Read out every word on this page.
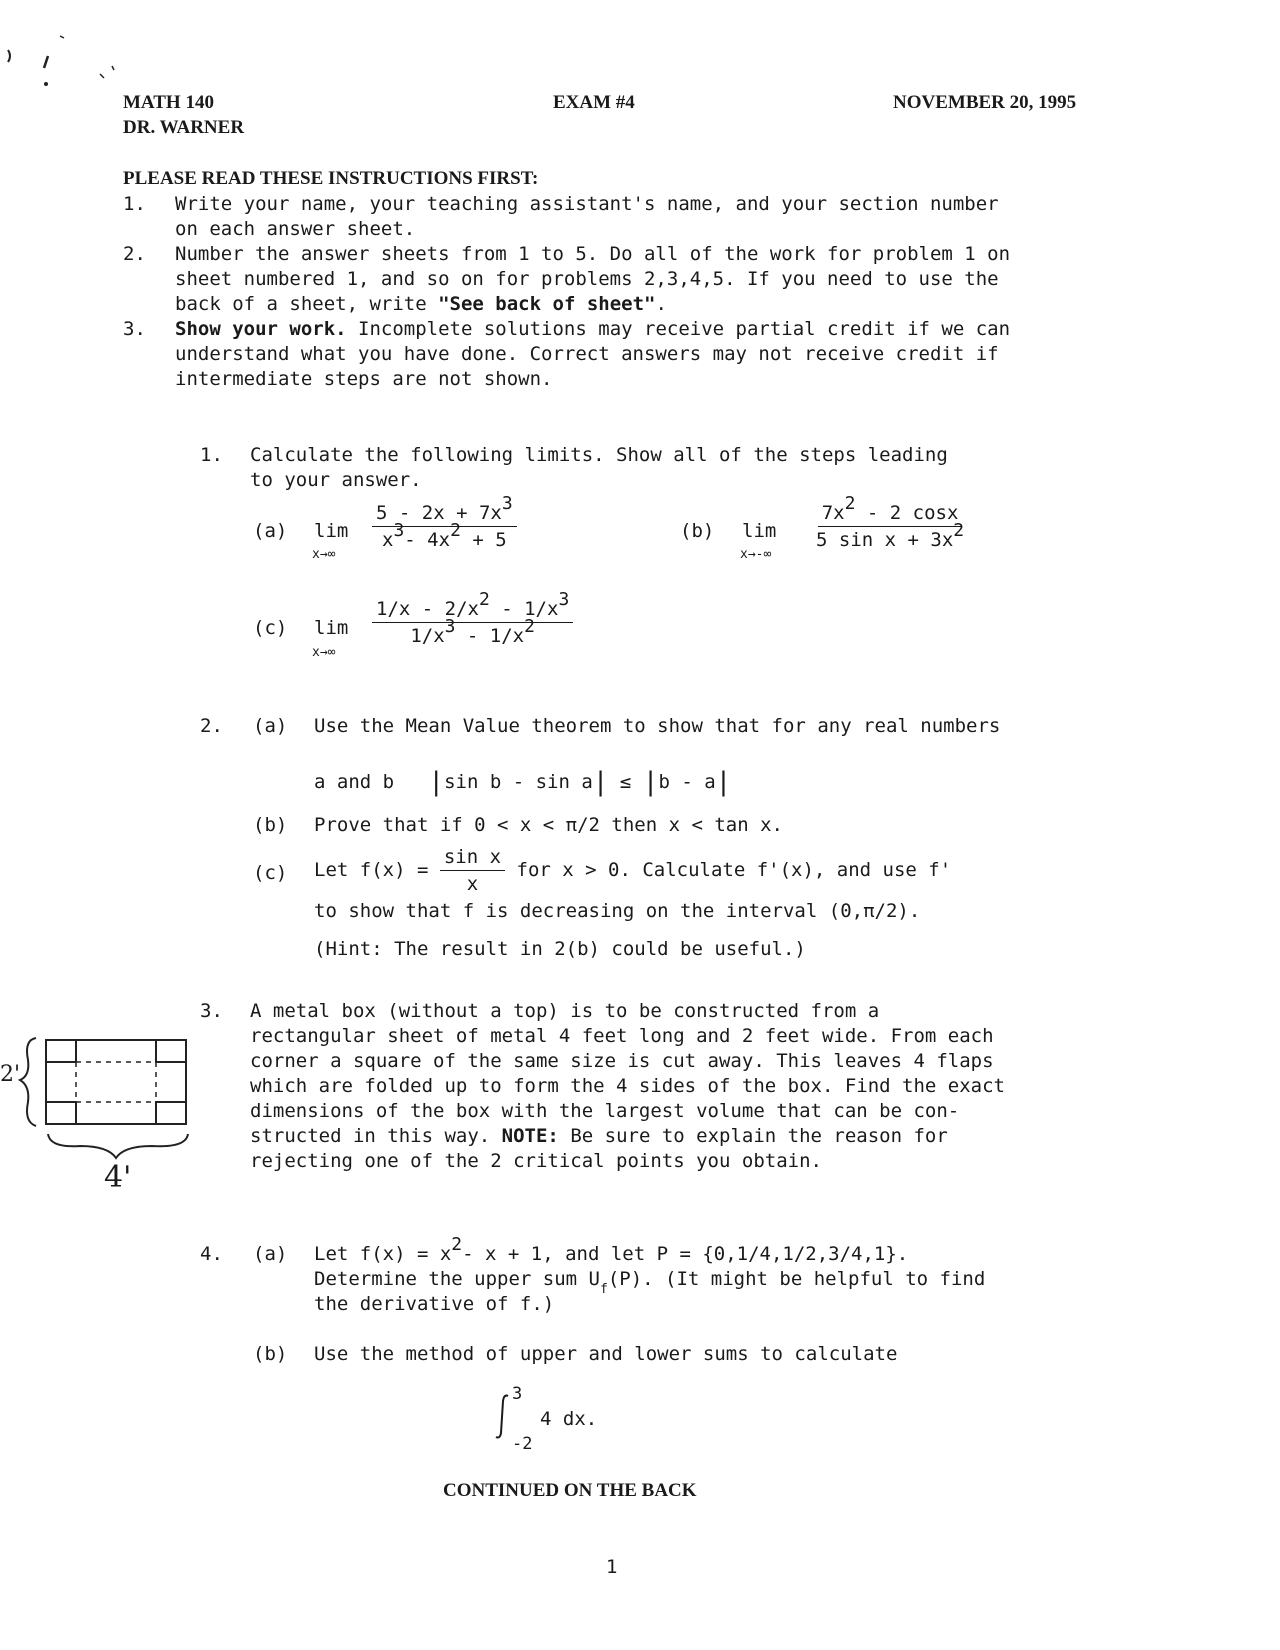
MATH 140
DR. WARNER
EXAM #4	NOVEMBER 20, 1995
PLEASE READ THESE INSTRUCTIONS FIRST:
1. Write your name, your teaching assistant's name, and your section number
on each answer sheet.
2. Number the answer sheets from 1 to 5. Do all of the work for problem 1 on
sheet numbered 1, and so on for problems 2,3,4,5. If you need to use the
back of a sheet, write "See back of sheet".
3. Show your work. Incomplete solutions may receive partial credit if we can
understand what you have done. Correct answers may not receive credit if
intermediate steps are not shown.
1. Calculate the following limits. Show all of the steps leading
to your answer.
(a) lim
x→∞
$\frac{5 - 2x + 7x3}{x3- 4x2 + 5}$	(b) lim
x→-∞
$\frac{7x2 - 2 \cos x}{\text{5 sin x + 3x2}}$
(c) lim
x→∞
$\frac{1/x - 2/x2 - 1/x3}{1/x3 - 1/x2}$
2. (a) Use the Mean Value theorem to show that for any real numbers
a and b |sin b - sin a| ≤ |b - a|
(b) Prove that if 0 < x < π/2 then x < tan x.
(c) Let $f(x) = \frac{\text{sin x}}{x}$ for x > 0. Calculate f'(x), and use f'
to show that f is decreasing on the interval (0,π/2).
(Hint: The result in 2(b) could be useful.)
2'
4'
3. A metal box (without a top) is to be constructed from a
rectangular sheet of metal 4 feet long and 2 feet wide. From each
corner a square of the same size is cut away. This leaves 4 flaps
which are folded up to form the 4 sides of the box. Find the exact
dimensions of the box with the largest volume that can be con-
structed in this way. NOTE: Be sure to explain the reason for
rejecting one of the 2 critical points you obtain.
4. (a) Let f(x) = x2- x + 1, and let P = {0,1/4,1/2,3/4,1}.
Determine the upper sum $U_f(P)$. (It might be helpful to find
the derivative of f.)
(b) Use the method of upper and lower sums to calculate
3
-2
4 dx.
CONTINUED ON THE BACK
1
